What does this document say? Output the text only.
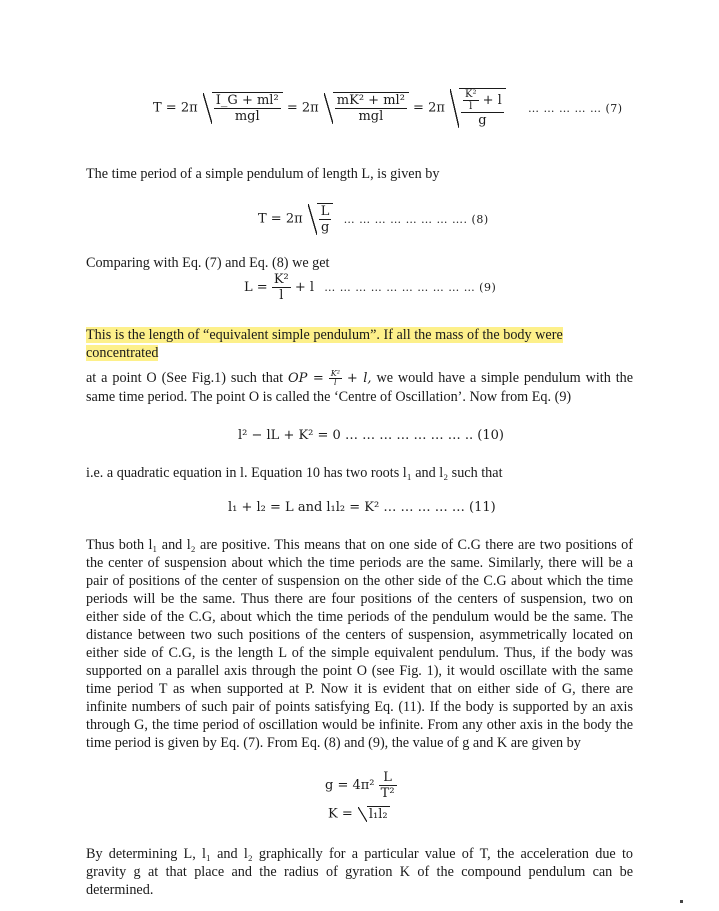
$T = 2\pi \frac{\text{I\_G + ml²}}{\text{mgl}} = 2\pi \frac{\text{mK² + ml²}}{\text{mgl}} = 2\pi \frac{\frac{\text{K²}}{l} + l}{g}$ … … … … … (7)
The time period of a simple pendulum of length L, is given by
$T = 2\pi \frac{L}{g}$ … … … … … … … …. (8)
Comparing with Eq. (7) and Eq. (8) we get
$L = \frac{\text{K²}}{l} + l$ … … … … … … … … … … (9)
This is the length of “equivalent simple pendulum”. If all the mass of the body were concentrated
at a point O (See Fig.1) such that OP = $\frac{\text{K²}}{l} + l$, we would have a simple pendulum with the same time period. The point O is called the ‘Centre of Oscillation’. Now from Eq. (9)
l² − lL + K² = 0 … … … … … … … .. (10)
i.e. a quadratic equation in l. Equation 10 has two roots l₁ and l₂ such that
l₁ + l₂ = L and l₁l₂ = K² … … … … … (11)
Thus both l₁ and l₂ are positive. This means that on one side of C.G there are two positions of the center of suspension about which the time periods are the same. Similarly, there will be a pair of positions of the center of suspension on the other side of the C.G about which the time periods will be the same. Thus there are four positions of the centers of suspension, two on either side of the C.G, about which the time periods of the pendulum would be the same. The distance between two such positions of the centers of suspension, asymmetrically located on either side of C.G, is the length L of the simple equivalent pendulum. Thus, if the body was supported on a parallel axis through the point O (see Fig. 1), it would oscillate with the same time period T as when supported at P. Now it is evident that on either side of G, there are infinite numbers of such pair of points satisfying Eq. (11). If the body is supported by an axis through G, the time period of oscillation would be infinite. From any other axis in the body the time period is given by Eq. (7). From Eq. (8) and (9), the value of g and K are given by
$g = 4\pi^2 \frac{L}{\text{T²}}$
K = l₁l₂
By determining L, l₁ and l₂ graphically for a particular value of T, the acceleration due to gravity g at that place and the radius of gyration K of the compound pendulum can be determined.
